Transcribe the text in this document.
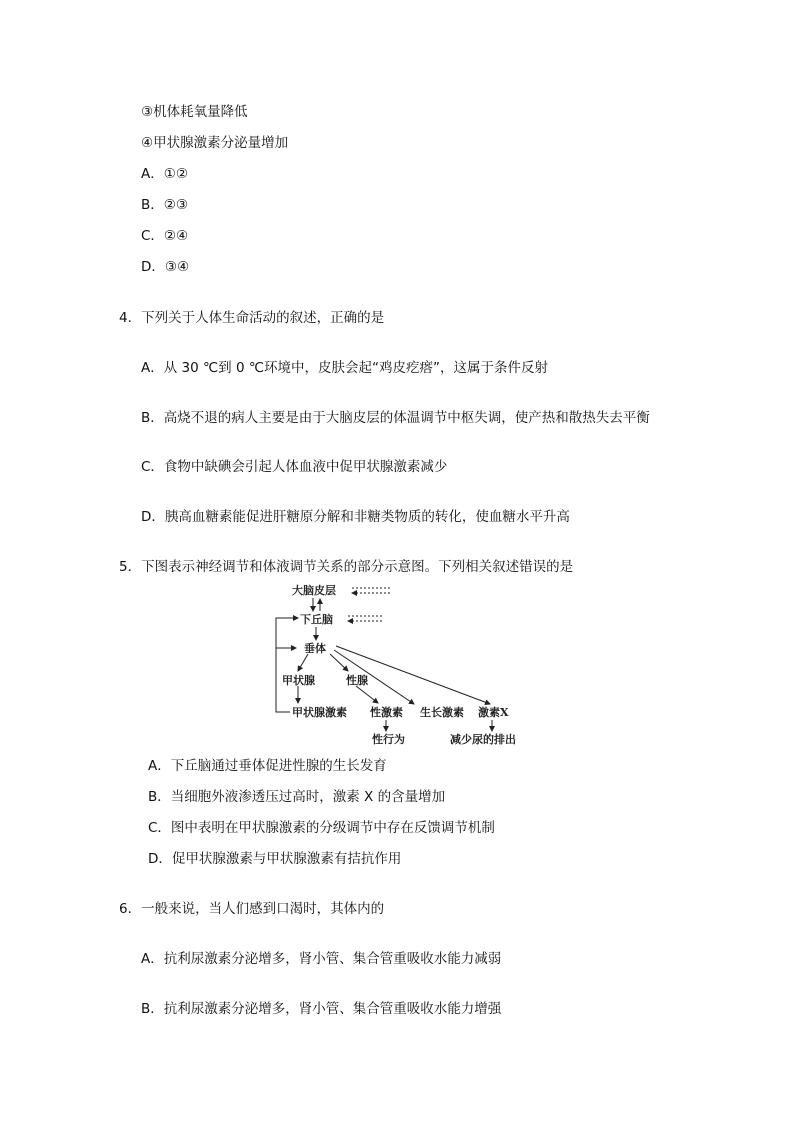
③机体耗氧量降低
④甲状腺激素分泌量增加
A．①②
B．②③
C．②④
D．③④
4．下列关于人体生命活动的叙述，正确的是
A．从 30 ℃到 0 ℃环境中，皮肤会起“鸡皮疙瘩”，这属于条件反射
B．高烧不退的病人主要是由于大脑皮层的体温调节中枢失调，使产热和散热失去平衡
C．食物中缺碘会引起人体血液中促甲状腺激素减少
D．胰高血糖素能促进肝糖原分解和非糖类物质的转化，使血糖水平升高
5．下图表示神经调节和体液调节关系的部分示意图。下列相关叙述错误的是
大脑皮层
下丘脑
垂体
甲状腺	性腺
甲状腺激素 性激素 生长激素 激素X
性行为	减少尿的排出
A．下丘脑通过垂体促进性腺的生长发育
B．当细胞外液渗透压过高时，激素 X 的含量增加
C．图中表明在甲状腺激素的分级调节中存在反馈调节机制
D．促甲状腺激素与甲状腺激素有拮抗作用
6．一般来说，当人们感到口渴时，其体内的
A．抗利尿激素分泌增多，肾小管、集合管重吸收水能力减弱
B．抗利尿激素分泌增多，肾小管、集合管重吸收水能力增强
